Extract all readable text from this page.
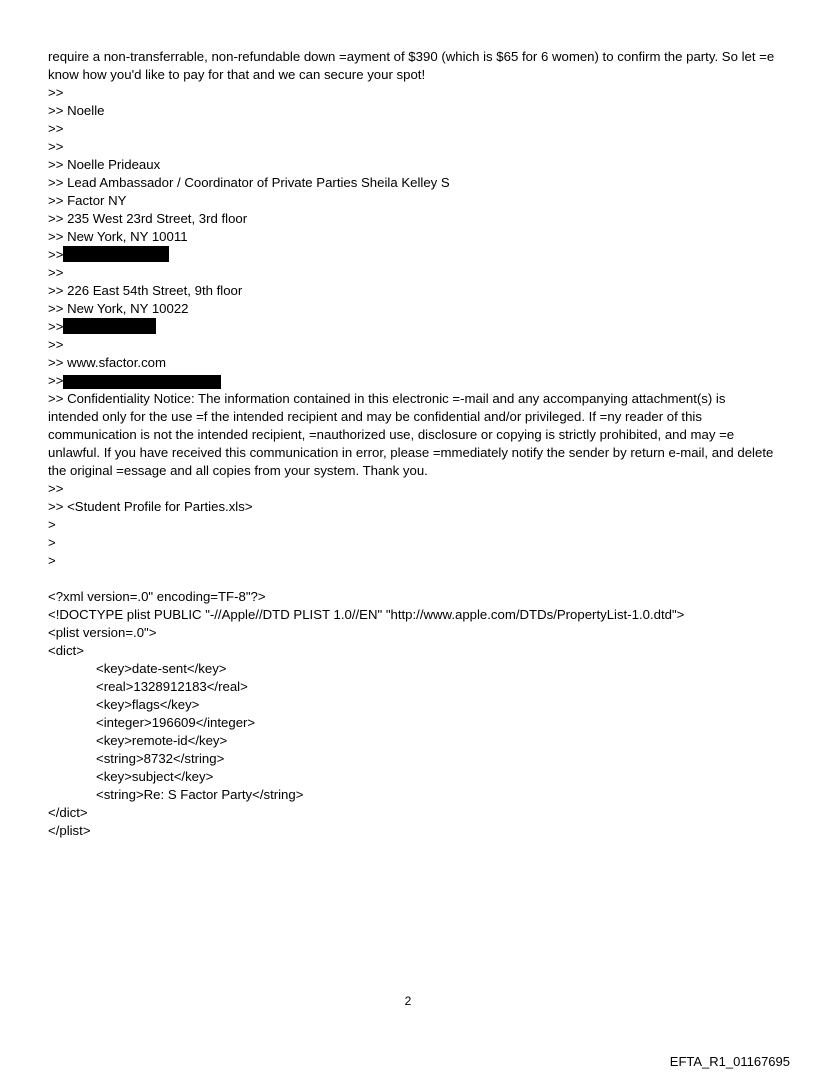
require a non-transferrable, non-refundable down =ayment of $390 (which is $65 for 6 women) to confirm the party. So let =e know how you'd like to pay for that and we can secure your spot!

>>

>> Noelle

>>

>>

>> Noelle Prideaux

>> Lead Ambassador / Coordinator of Private Parties Sheila Kelley S

>> Factor NY

>> 235 West 23rd Street, 3rd floor

>> New York, NY 10011

>>

>>

>> 226 East 54th Street, 9th floor

>> New York, NY 10022

>>

>>

>> www.sfactor.com

>>

>> Confidentiality Notice: The information contained in this electronic =-mail and any accompanying attachment(s) is intended only for the use =f the intended recipient and may be confidential and/or privileged. If =ny reader of this communication is not the intended recipient, =nauthorized use, disclosure or copying is strictly prohibited, and may =e unlawful. If you have received this communication in error, please =mmediately notify the sender by return e-mail, and delete the original =essage and all copies from your system. Thank you.

>>

>> <Student Profile for Parties.xls>

>

>

>

<?xml version=.0" encoding=TF-8"?>

<!DOCTYPE plist PUBLIC "-//Apple//DTD PLIST 1.0//EN" "http://www.apple.com/DTDs/PropertyList-1.0.dtd">

<plist version=.0">

<dict>

<key>date-sent</key>

<real>1328912183</real>

<key>flags</key>

<integer>196609</integer>

<key>remote-id</key>

<string>8732</string>

<key>subject</key>

<string>Re: S Factor Party</string>

</dict>

</plist>

2
EFTA_R1_01167695
